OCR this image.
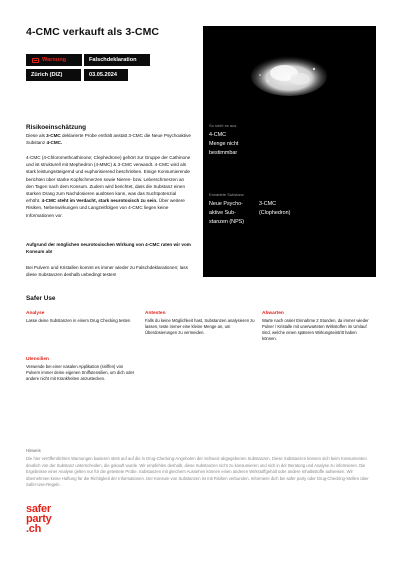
4-CMC verkauft als 3-CMC
Warnung	Falschdeklaration
Zürich (DIZ)	03.05.2024
So sieht es aus
4-CMC
Menge nicht
bestimmbar
Erwartete Substanz
Neue Psycho-
aktive Sub-
stanzen (NPS)
3-CMC
(Clophedron)
Risikoeinschätzung
Diese als 3-CMC deklarierte Probe enthält anstatt 3-CMC die Neue Psychoaktive Substanz 4-CMC.
4-CMC (4-Chloromethcathinone; Clephedrone) gehört zur Gruppe der Cathinone und ist strukturell mit Mephedron (4-MMC) & 3-CMC verwandt. 4-CMC wird als stark leistungssteigernd und euphorisierend beschrieben. Einige Konsumierende berichten über starke Kopfschmerzen sowie Nieren- bzw. Leberschmerzen an den Tagen nach dem Konsum. Zudem wird berichtet, dass die Substanz einen starken Drang zum Nachdosieren auslösen kann, was das Suchtpotenzial erhöht. 4-CMC steht im Verdacht, stark neurotoxisch zu sein. Über weitere Risiken, Nebenwirkungen und Langzeitfolgen von 4-CMC liegen keine Informationen vor.
Aufgrund der möglichen neurotoxischen Wirkung von 4-CMC raten wir vom Konsum ab!
Bei Pulvern und Kristallen kommt es immer wieder zu Falschdeklarationen; lass diese Substanzen deshalb unbedingt testen!
Safer Use
Analyse
Lasse deine Substanzen in einem Drug Checking testen
Antesten
Falls du keine Möglichkeit hast, Substanzen analysieren zu lassen, teste immer eine kleine Menge an, um Überdosierungen zu vermeiden.
Abwarten
Warte nach oraler Einnahme 2 Stunden, da immer wieder Pulver / Kristalle mit unerwarteten Wirkstoffen im Umlauf sind, welche einen späteren Wirkungseintritt haben können.
Utensilien
Verwende bei einer nasalen Applikation (sniffen) von Pulvern immer deine eigenen Sniffutensilien, um dich oder andere nicht mit Krankheiten anzustecken.
Hinweis
Die hier veröffentlichten Warnungen basieren stets auf auf die in Drug-Checking-Angeboten der Schweiz abgegebenen Substanzen. Diese Substanzen können sich beim Konsumenten deutlich von der Substanz unterscheiden, die gekauft wurde. Wir empfehlen deshalb, diese Substanzen nicht zu konsumieren und sich in der Beratung und Analyse zu informieren. Die Ergebnisse einer Analyse gelten nur für die getestete Probe. Substanzen mit gleichem Aussehen können einen anderen Wirkstoffgehalt oder andere Inhaltsstoffe aufweisen. Wir übernehmen keine Haftung für die Richtigkeit der Informationen. Der Konsum von Substanzen ist mit Risiken verbunden. Informiere dich bei safer party oder Drug-Checking-Stellen über Safer-Use-Regeln.
safer
party
.ch
